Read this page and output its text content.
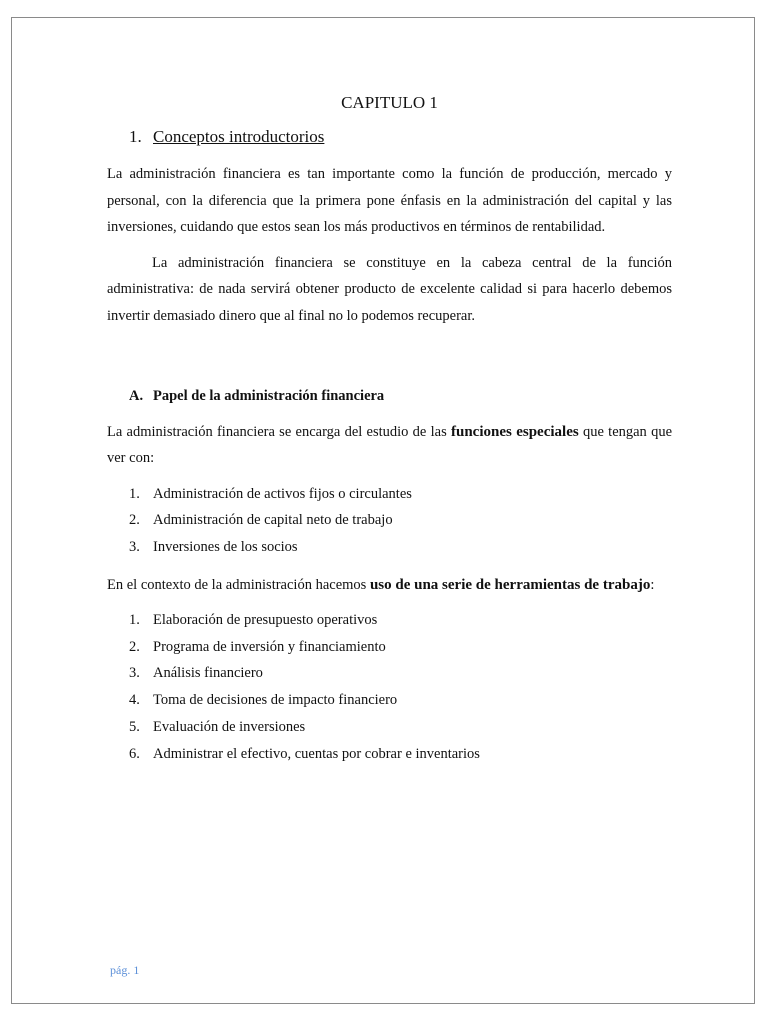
CAPITULO 1
1. Conceptos introductorios

La administración financiera es tan importante como la función de producción, mercado y personal, con la diferencia que la primera pone énfasis en la administración del capital y las inversiones, cuidando que estos sean los más productivos en términos de rentabilidad.

La administración financiera se constituye en la cabeza central de la función administrativa: de nada servirá obtener producto de excelente calidad si para hacerlo debemos invertir demasiado dinero que al final no lo podemos recuperar.

A. Papel de la administración financiera

La administración financiera se encarga del estudio de las funciones especiales que tengan que ver con:

1. Administración de activos fijos o circulantes
2. Administración de capital neto de trabajo
3. Inversiones de los socios

En el contexto de la administración hacemos uso de una serie de herramientas de trabajo:

1. Elaboración de presupuesto operativos
2. Programa de inversión y financiamiento
3. Análisis financiero
4. Toma de decisiones de impacto financiero
5. Evaluación de inversiones
6. Administrar el efectivo, cuentas por cobrar e inventarios
pág. 1
